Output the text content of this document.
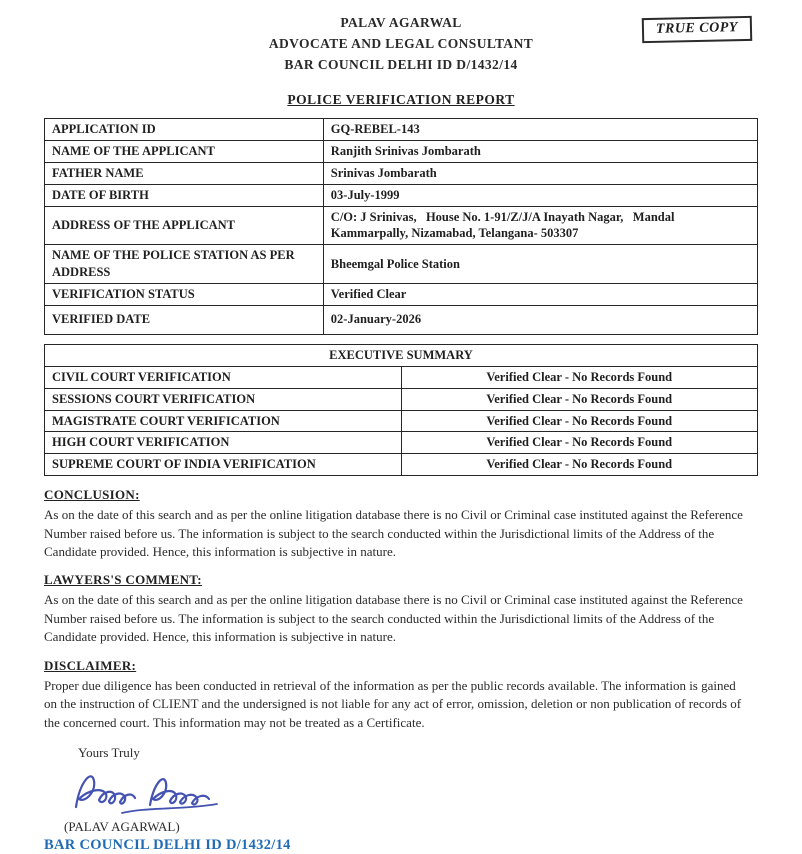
TRUE COPY
PALAV AGARWAL
ADVOCATE AND LEGAL CONSULTANT
BAR COUNCIL DELHI ID D/1432/14
POLICE VERIFICATION REPORT
APPLICATION ID	GQ-REBEL-143
NAME OF THE APPLICANT	Ranjith Srinivas Jombarath
FATHER NAME	Srinivas Jombarath
DATE OF BIRTH	03-July-1999
ADDRESS OF THE APPLICANT	C/O: J Srinivas,   House No. 1-91/Z/J/A Inayath Nagar,   Mandal Kammarpally, Nizamabad, Telangana- 503307
NAME OF THE POLICE STATION AS PER ADDRESS	Bheemgal Police Station
VERIFICATION STATUS	Verified Clear
VERIFIED DATE	02-January-2026
EXECUTIVE SUMMARY	
CIVIL COURT VERIFICATION	Verified Clear - No Records Found
SESSIONS COURT VERIFICATION	Verified Clear - No Records Found
MAGISTRATE COURT VERIFICATION	Verified Clear - No Records Found
HIGH COURT VERIFICATION	Verified Clear - No Records Found
SUPREME COURT OF INDIA VERIFICATION	Verified Clear - No Records Found
CONCLUSION:
As on the date of this search and as per the online litigation database there is no Civil or Criminal case instituted against the Reference Number raised before us. The information is subject to the search conducted within the Jurisdictional limits of the Address of the Candidate provided. Hence, this information is subjective in nature.
LAWYERS'S COMMENT:
As on the date of this search and as per the online litigation database there is no Civil or Criminal case instituted against the Reference Number raised before us. The information is subject to the search conducted within the Jurisdictional limits of the Address of the Candidate provided. Hence, this information is subjective in nature.
DISCLAIMER:
Proper due diligence has been conducted in retrieval of the information as per the public records available. The information is gained on the instruction of CLIENT and the undersigned is not liable for any act of error, omission, deletion or non publication of records of the concerned court. This information may not be treated as a Certificate.
Yours Truly
(PALAV AGARWAL)
BAR COUNCIL DELHI ID D/1432/14
